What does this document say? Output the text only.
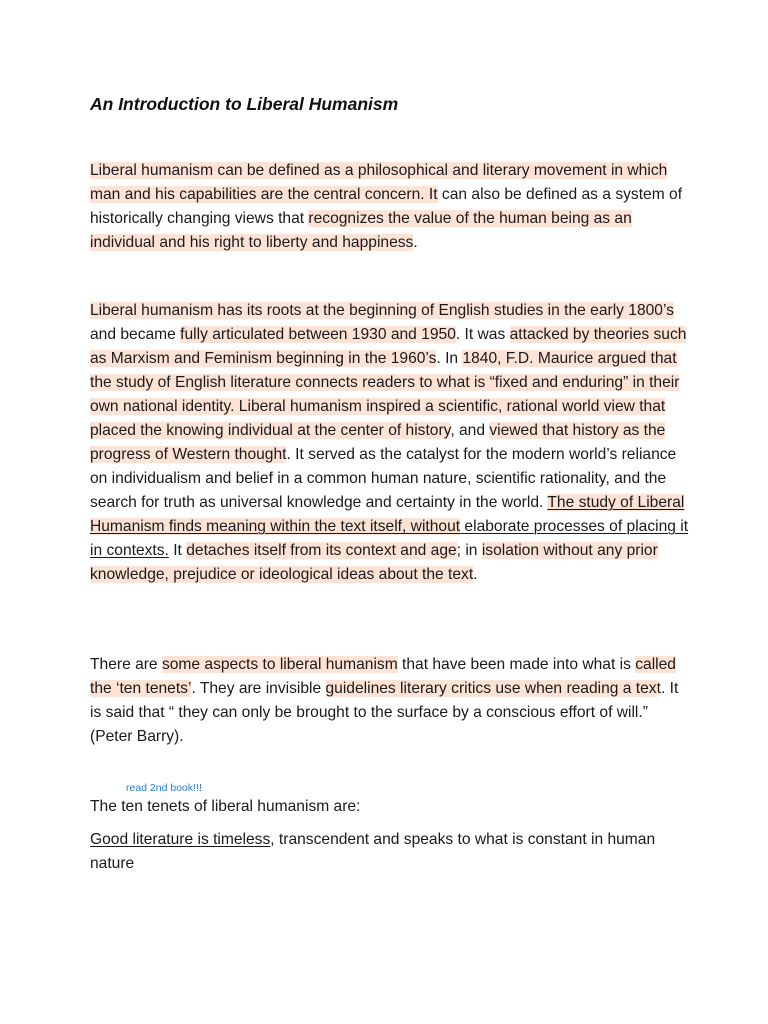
An Introduction to Liberal Humanism

Liberal humanism can be defined as a philosophical and literary movement in which man and his capabilities are the central concern. It can also be defined as a system of historically changing views that recognizes the value of the human being as an individual and his right to liberty and happiness.

Liberal humanism has its roots at the beginning of English studies in the early 1800’s and became fully articulated between 1930 and 1950. It was attacked by theories such as Marxism and Feminism beginning in the 1960’s. In 1840, F.D. Maurice argued that the study of English literature connects readers to what is “fixed and enduring” in their own national identity. Liberal humanism inspired a scientific, rational world view that placed the knowing individual at the center of history, and viewed that history as the progress of Western thought. It served as the catalyst for the modern world’s reliance on individualism and belief in a common human nature, scientific rationality, and the search for truth as universal knowledge and certainty in the world. The study of Liberal Humanism finds meaning within the text itself, without elaborate processes of placing it in contexts. It detaches itself from its context and age; in isolation without any prior knowledge, prejudice or ideological ideas about the text.

There are some aspects to liberal humanism that have been made into what is called the ‘ten tenets’. They are invisible guidelines literary critics use when reading a text. It is said that “ they can only be brought to the surface by a conscious effort of will.” (Peter Barry).

read 2nd book!!!

The ten tenets of liberal humanism are:

Good literature is timeless, transcendent and speaks to what is constant in human nature
